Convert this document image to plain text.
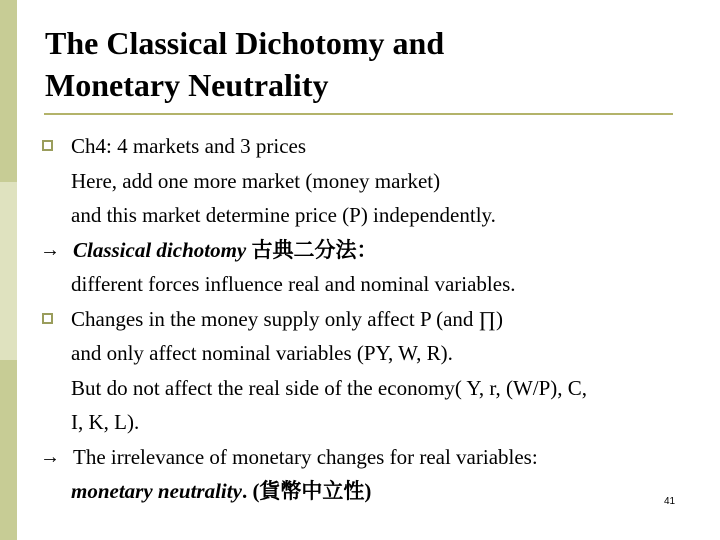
The Classical Dichotomy and
Monetary Neutrality
Ch4: 4 markets and 3 prices
Here, add one more market (money market)
and this market determine price (P) independently.
→ Classical dichotomy 古典二分法：
different forces influence real and nominal variables.
Changes in the money supply only affect P (and ∏)
and only affect nominal variables (PY, W, R).
But do not affect the real side of the economy( Y, r, (W/P), C,
I, K, L).
→ The irrelevance of monetary changes for real variables:
monetary neutrality. (貨幣中立性)	41
